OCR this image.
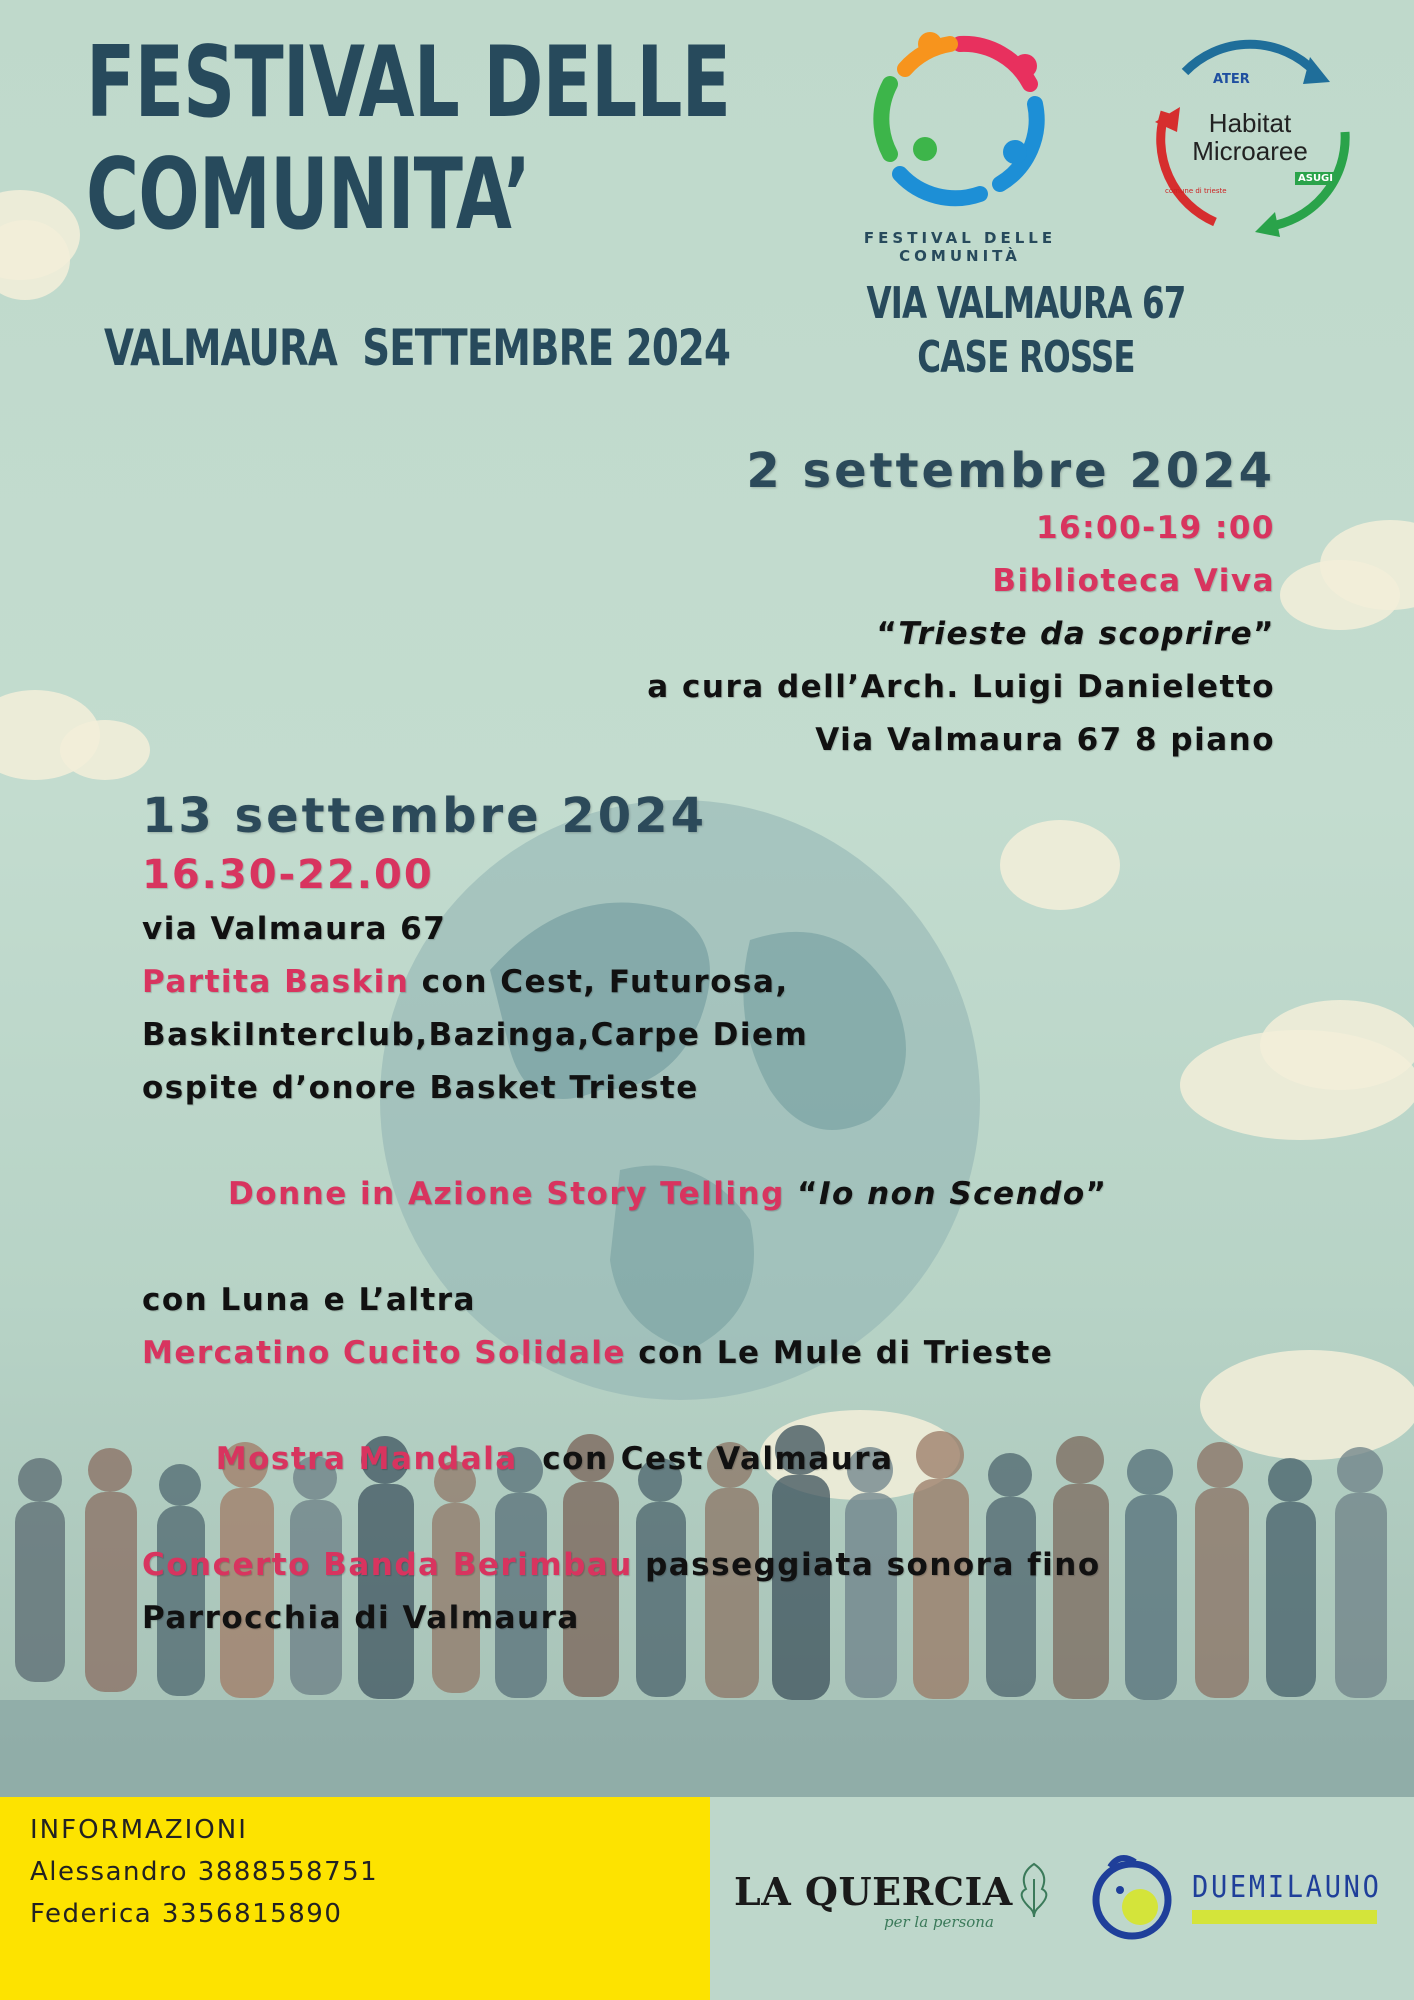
FESTIVAL DELLE
COMUNITA’
VALMAURA  SETTEMBRE 2024
FESTIVAL DELLE COMUNITÀ
ATER
Habitat
Microaree
comune di trieste
ASUGI
VIA VALMAURA 67
CASE ROSSE
2 settembre 2024
16:00-19 :00
Biblioteca Viva
“Trieste da scoprire”
a cura dell’Arch. Luigi Danieletto
Via Valmaura 67 8 piano
13 settembre 2024
16.30-22.00
via Valmaura 67
Partita Baskin con Cest, Futurosa,
BaskiInterclub,Bazinga,Carpe Diem
ospite d’onore Basket Trieste

Donne in Azione Story Telling “Io non Scendo”

con Luna e L’altra
Mercatino Cucito Solidale con Le Mule di Trieste

Mostra Mandala  con Cest Valmaura

Concerto Banda Berimbau passeggiata sonora fino
Parrocchia di Valmaura
INFORMAZIONI
Alessandro 3888558751
Federica 3356815890	LA QUERCIA
per la persona
DUEMILAUNO
